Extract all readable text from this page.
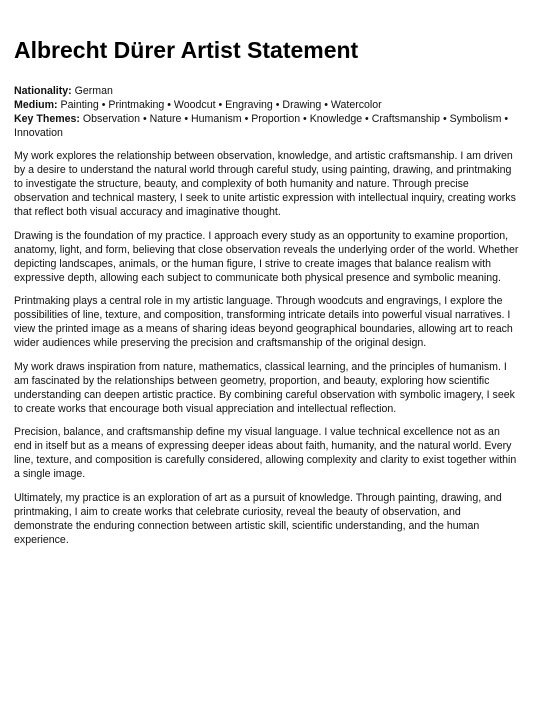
Albrecht Dürer Artist Statement
Nationality: German
Medium: Painting • Printmaking • Woodcut • Engraving • Drawing • Watercolor
Key Themes: Observation • Nature • Humanism • Proportion • Knowledge • Craftsmanship • Symbolism • Innovation

My work explores the relationship between observation, knowledge, and artistic craftsmanship. I am driven by a desire to understand the natural world through careful study, using painting, drawing, and printmaking to investigate the structure, beauty, and complexity of both humanity and nature. Through precise observation and technical mastery, I seek to unite artistic expression with intellectual inquiry, creating works that reflect both visual accuracy and imaginative thought.

Drawing is the foundation of my practice. I approach every study as an opportunity to examine proportion, anatomy, light, and form, believing that close observation reveals the underlying order of the world. Whether depicting landscapes, animals, or the human figure, I strive to create images that balance realism with expressive depth, allowing each subject to communicate both physical presence and symbolic meaning.

Printmaking plays a central role in my artistic language. Through woodcuts and engravings, I explore the possibilities of line, texture, and composition, transforming intricate details into powerful visual narratives. I view the printed image as a means of sharing ideas beyond geographical boundaries, allowing art to reach wider audiences while preserving the precision and craftsmanship of the original design.

My work draws inspiration from nature, mathematics, classical learning, and the principles of humanism. I am fascinated by the relationships between geometry, proportion, and beauty, exploring how scientific understanding can deepen artistic practice. By combining careful observation with symbolic imagery, I seek to create works that encourage both visual appreciation and intellectual reflection.

Precision, balance, and craftsmanship define my visual language. I value technical excellence not as an end in itself but as a means of expressing deeper ideas about faith, humanity, and the natural world. Every line, texture, and composition is carefully considered, allowing complexity and clarity to exist together within a single image.

Ultimately, my practice is an exploration of art as a pursuit of knowledge. Through painting, drawing, and printmaking, I aim to create works that celebrate curiosity, reveal the beauty of observation, and demonstrate the enduring connection between artistic skill, scientific understanding, and the human experience.
